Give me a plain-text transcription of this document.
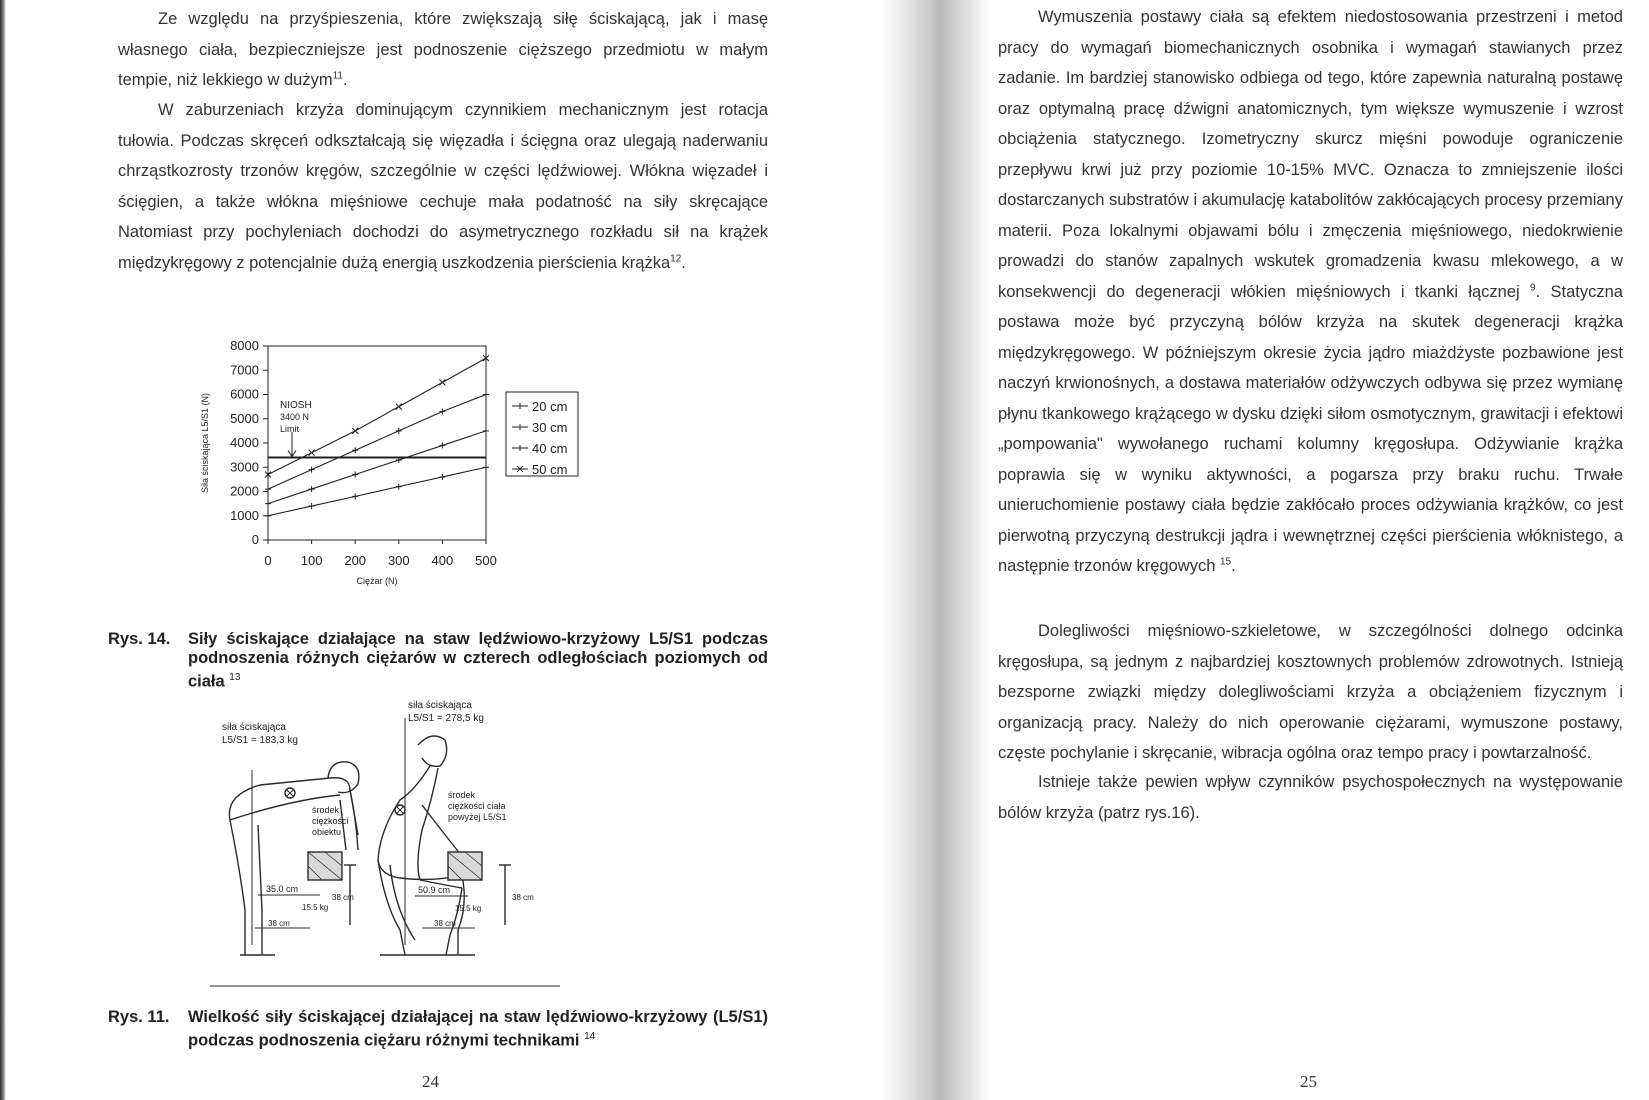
Ze względu na przyśpieszenia, które zwiększają siłę ściskającą, jak i masę własnego ciała, bezpieczniejsze jest podnoszenie cięższego przedmiotu w małym tempie, niż lekkiego w dużym$^{11}$.

W zaburzeniach krzyża dominującym czynnikiem mechanicznym jest rotacja tułowia. Podczas skręceń odkształcają się więzadła i ścięgna oraz ulegają naderwaniu chrząstkozrosty trzonów kręgów, szczególnie w części lędźwiowej. Włókna więzadeł i ścięgien, a także włókna mięśniowe cechuje mała podatność na siły skręcające Natomiast przy pochyleniach dochodzi do asymetrycznego rozkładu sił na krążek międzykręgowy z potencjalnie dużą energią uszkodzenia pierścienia krążka$^{12}$.

0
1000
2000
3000
4000
5000
6000
7000
8000
0 100 200 300 400 500
Ciężar (N)
Siła ściskająca L5/S1 (N)	NIOSH
3400 N
Limit
20 cm
30 cm
40 cm
50 cm
Rys. 14.	Siły ściskające działające na staw lędźwiowo-krzyżowy L5/S1 podczas podnoszenia różnych ciężarów w czterech odległościach poziomych od ciała $^{13}$
siła ściskająca
L5/S1 = 183,3 kg
siła ściskająca
L5/S1 = 278,5 kg
środek
ciężkości
obiektu
35.0 cm
15.5 kg
38 cm
38 cm
środek
ciężkości ciała
powyżej L5/S1
50.9 cm
15.5 kg
38 cm
38 cm
Rys. 11.	Wielkość siły ściskającej działającej na staw lędźwiowo-krzyżowy (L5/S1) podczas podnoszenia ciężaru różnymi technikami $^{14}$
24

Wymuszenia postawy ciała są efektem niedostosowania przestrzeni i metod pracy do wymagań biomechanicznych osobnika i wymagań stawianych przez zadanie. Im bardziej stanowisko odbiega od tego, które zapewnia naturalną postawę oraz optymalną pracę dźwigni anatomicznych, tym większe wymuszenie i wzrost obciążenia statycznego. Izometryczny skurcz mięśni powoduje ograniczenie przepływu krwi już przy poziomie 10-15% MVC. Oznacza to zmniejszenie ilości dostarczanych substratów i akumulację katabolitów zakłócających procesy przemiany materii. Poza lokalnymi objawami bólu i zmęczenia mięśniowego, niedokrwienie prowadzi do stanów zapalnych wskutek gromadzenia kwasu mlekowego, a w konsekwencji do degeneracji włókien mięśniowych i tkanki łącznej $^9$. Statyczna postawa może być przyczyną bólów krzyża na skutek degeneracji krążka międzykręgowego. W późniejszym okresie życia jądro miażdżyste pozbawione jest naczyń krwionośnych, a dostawa materiałów odżywczych odbywa się przez wymianę płynu tkankowego krążącego w dysku dzięki siłom osmotycznym, grawitacji i efektowi „pompowania" wywołanego ruchami kolumny kręgosłupa. Odżywianie krążka poprawia się w wyniku aktywności, a pogarsza przy braku ruchu. Trwałe unieruchomienie postawy ciała będzie zakłócało proces odżywiania krążków, co jest pierwotną przyczyną destrukcji jądra i wewnętrznej części pierścienia włóknistego, a następnie trzonów kręgowych $^{15}$.

Dolegliwości mięśniowo-szkieletowe, w szczególności dolnego odcinka kręgosłupa, są jednym z najbardziej kosztownych problemów zdrowotnych. Istnieją bezsporne związki między dolegliwościami krzyża a obciążeniem fizycznym i organizacją pracy. Należy do nich operowanie ciężarami, wymuszone postawy, częste pochylanie i skręcanie, wibracja ogólna oraz tempo pracy i powtarzalność.

Istnieje także pewien wpływ czynników psychospołecznych na występowanie bólów krzyża (patrz rys.16).

25
